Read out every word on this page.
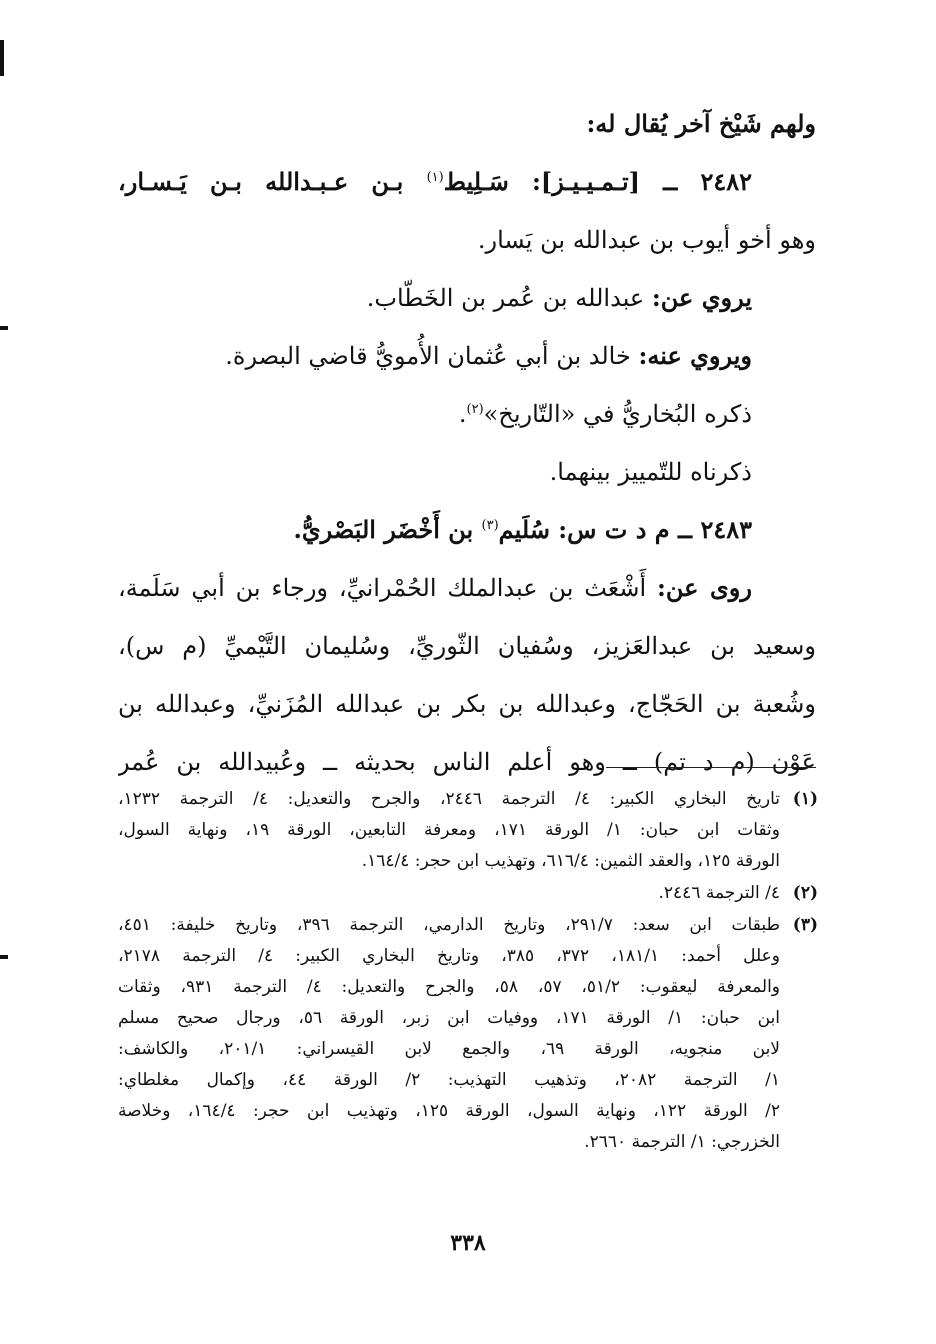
ولهم شَيْخ آخر يُقال له:
٢٤٨٢ ــ [تـمـيـيـز]: سَـلِيط$^{(١)}$ بـن عـبـدالله بـن يَـسـار،
وهو أخو أيوب بن عبدالله بن يَسار.
يروي عن: عبدالله بن عُمر بن الخَطّاب.
ويروي عنه: خالد بن أبي عُثمان الأُمويُّ قاضي البصرة.
ذكره البُخاريُّ في «التّاريخ»$^{(٢)}$.
ذكرناه للتّمييز بينهما.
٢٤٨٣ ــ م د ت س: سُلَيم$^{(٣)}$ بن أَخْضَر البَصْريُّ.
روى عن: أَشْعَث بن عبدالملك الحُمْرانيِّ، ورجاء بن أبي سَلَمة،
وسعيد بن عبدالعَزيز، وسُفيان الثّوريِّ، وسُليمان التَّيْميِّ (م س)،
وشُعبة بن الحَجّاج، وعبدالله بن بكر بن عبدالله المُزَنيِّ، وعبدالله بن
عَوْن (م د تم) ــ وهو أعلم الناس بحديثه ــ وعُبيدالله بن عُمر
(١)
تاريخ البخاري الكبير: ٤/ الترجمة ٢٤٤٦، والجرح والتعديل: ٤/ الترجمة ١٢٣٢،
وثقات ابن حبان: ١/ الورقة ١٧١، ومعرفة التابعين، الورقة ١٩، ونهاية السول،
الورقة ١٢٥، والعقد الثمين: ٦١٦/٤، وتهذيب ابن حجر: ١٦٤/٤.
(٢)
٤/ الترجمة ٢٤٤٦.
(٣)
طبقات ابن سعد: ٢٩١/٧، وتاريخ الدارمي، الترجمة ٣٩٦، وتاريخ خليفة: ٤٥١،
وعلل أحمد: ١٨١/١، ٣٧٢، ٣٨٥، وتاريخ البخاري الكبير: ٤/ الترجمة ٢١٧٨،
والمعرفة ليعقوب: ٥١/٢، ٥٧، ٥٨، والجرح والتعديل: ٤/ الترجمة ٩٣١، وثقات
ابن حبان: ١/ الورقة ١٧١، ووفيات ابن زبر، الورقة ٥٦، ورجال صحيح مسلم
لابن منجويه، الورقة ٦٩، والجمع لابن القيسراني: ٢٠١/١، والكاشف:
١/ الترجمة ٢٠٨٢، وتذهيب التهذيب: ٢/ الورقة ٤٤، وإكمال مغلطاي:
٢/ الورقة ١٢٢، ونهاية السول، الورقة ١٢٥، وتهذيب ابن حجر: ١٦٤/٤، وخلاصة
الخزرجي: ١/ الترجمة ٢٦٦٠.
٣٣٨
